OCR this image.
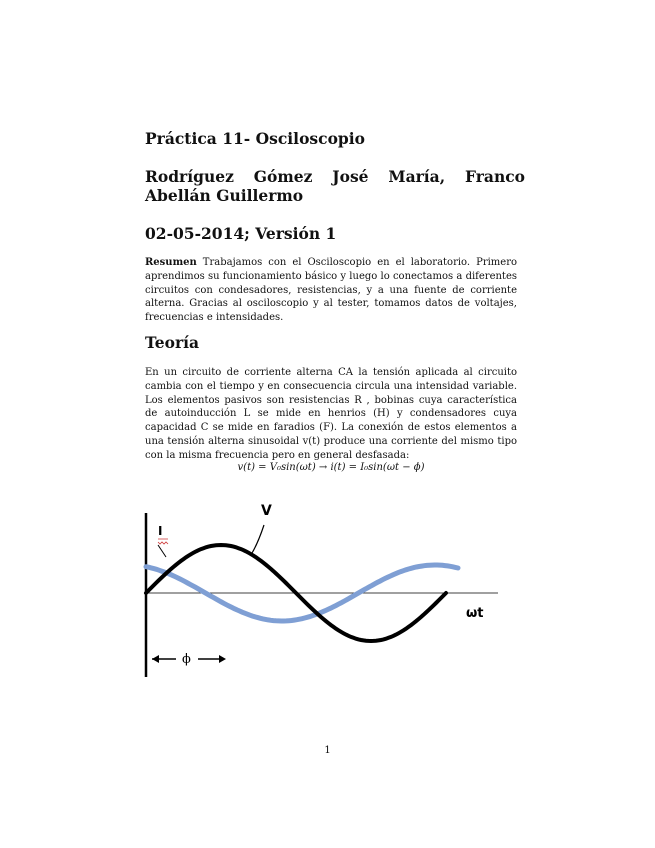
Práctica 11- Osciloscopio
Rodríguez Gómez José María, Franco Abellán Guillermo
02-05-2014; Versión 1
Resumen Trabajamos con el Osciloscopio en el laboratorio. Primero aprendimos su funcionamiento básico y luego lo conectamos a diferentes circuitos con condesadores, resistencias, y a una fuente de corriente alterna. Gracias al osciloscopio y al tester, tomamos datos de voltajes, frecuencias e intensidades.
Teoría
En un circuito de corriente alterna CA la tensión aplicada al circuito cambia con el tiempo y en consecuencia circula una intensidad variable. Los elementos pasivos son resistencias R , bobinas cuya característica de autoinducción L se mide en henrios (H) y condensadores cuya capacidad C se mide en faradios (F). La conexión de estos elementos a una tensión alterna sinusoidal v(t) produce una corriente del mismo tipo con la misma frecuencia pero en general desfasada:
v(t) = V₀sin(ωt) → i(t) = I₀sin(ωt − ϕ)
V
I
ωt
ϕ
1
